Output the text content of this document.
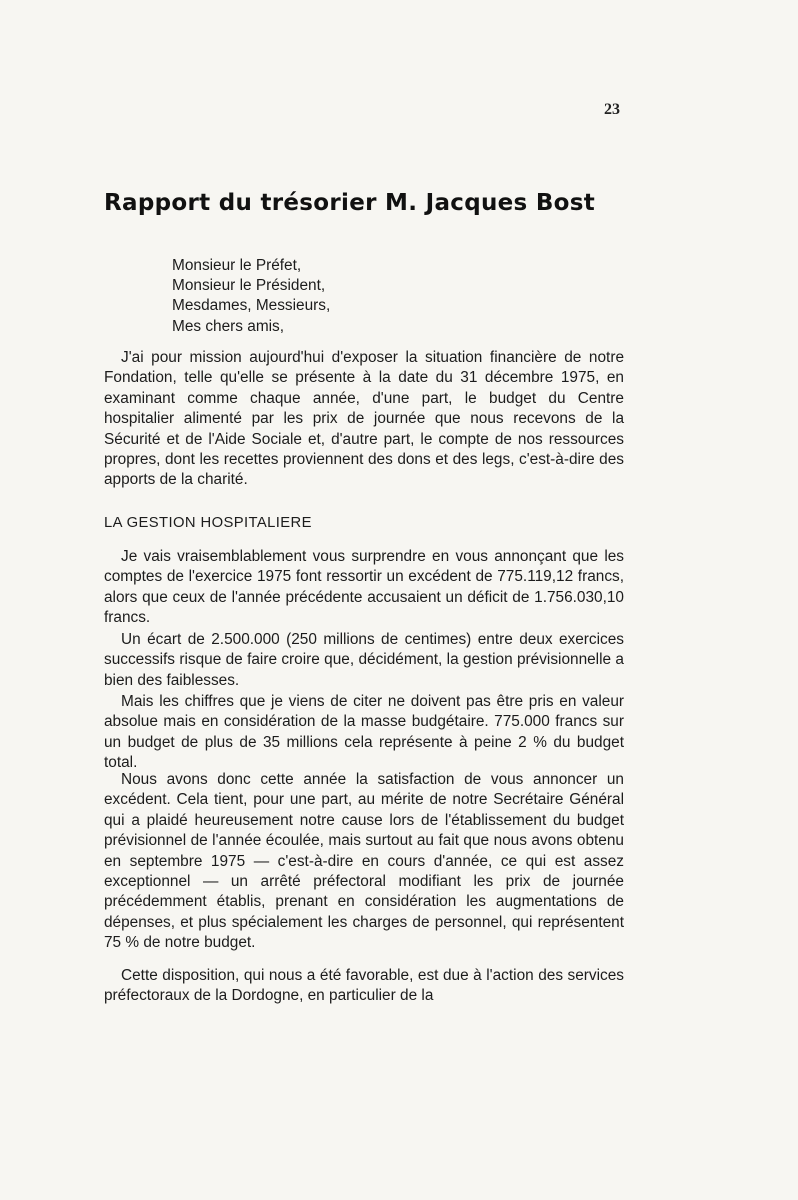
23
Rapport du trésorier M. Jacques Bost
Monsieur le Préfet,
Monsieur le Président,
Mesdames, Messieurs,
Mes chers amis,

J'ai pour mission aujourd'hui d'exposer la situation financière de notre Fondation, telle qu'elle se présente à la date du 31 décembre 1975, en examinant comme chaque année, d'une part, le budget du Centre hospitalier alimenté par les prix de journée que nous recevons de la Sécurité et de l'Aide Sociale et, d'autre part, le compte de nos ressources propres, dont les recettes proviennent des dons et des legs, c'est-à-dire des apports de la charité.

LA GESTION HOSPITALIERE

Je vais vraisemblablement vous surprendre en vous annonçant que les comptes de l'exercice 1975 font ressortir un excédent de 775.119,12 francs, alors que ceux de l'année précédente accusaient un déficit de 1.756.030,10 francs.

Un écart de 2.500.000 (250 millions de centimes) entre deux exercices successifs risque de faire croire que, décidément, la gestion prévisionnelle a bien des faiblesses.

Mais les chiffres que je viens de citer ne doivent pas être pris en valeur absolue mais en considération de la masse budgétaire. 775.000 francs sur un budget de plus de 35 millions cela représente à peine 2 % du budget total.

Nous avons donc cette année la satisfaction de vous annoncer un excédent. Cela tient, pour une part, au mérite de notre Secrétaire Général qui a plaidé heureusement notre cause lors de l'établissement du budget prévisionnel de l'année écoulée, mais surtout au fait que nous avons obtenu en septembre 1975 — c'est-à-dire en cours d'année, ce qui est assez exceptionnel — un arrêté préfectoral modifiant les prix de journée précédemment établis, prenant en considération les augmentations de dépenses, et plus spécialement les charges de personnel, qui représentent 75 % de notre budget.

Cette disposition, qui nous a été favorable, est due à l'action des services préfectoraux de la Dordogne, en particulier de la
